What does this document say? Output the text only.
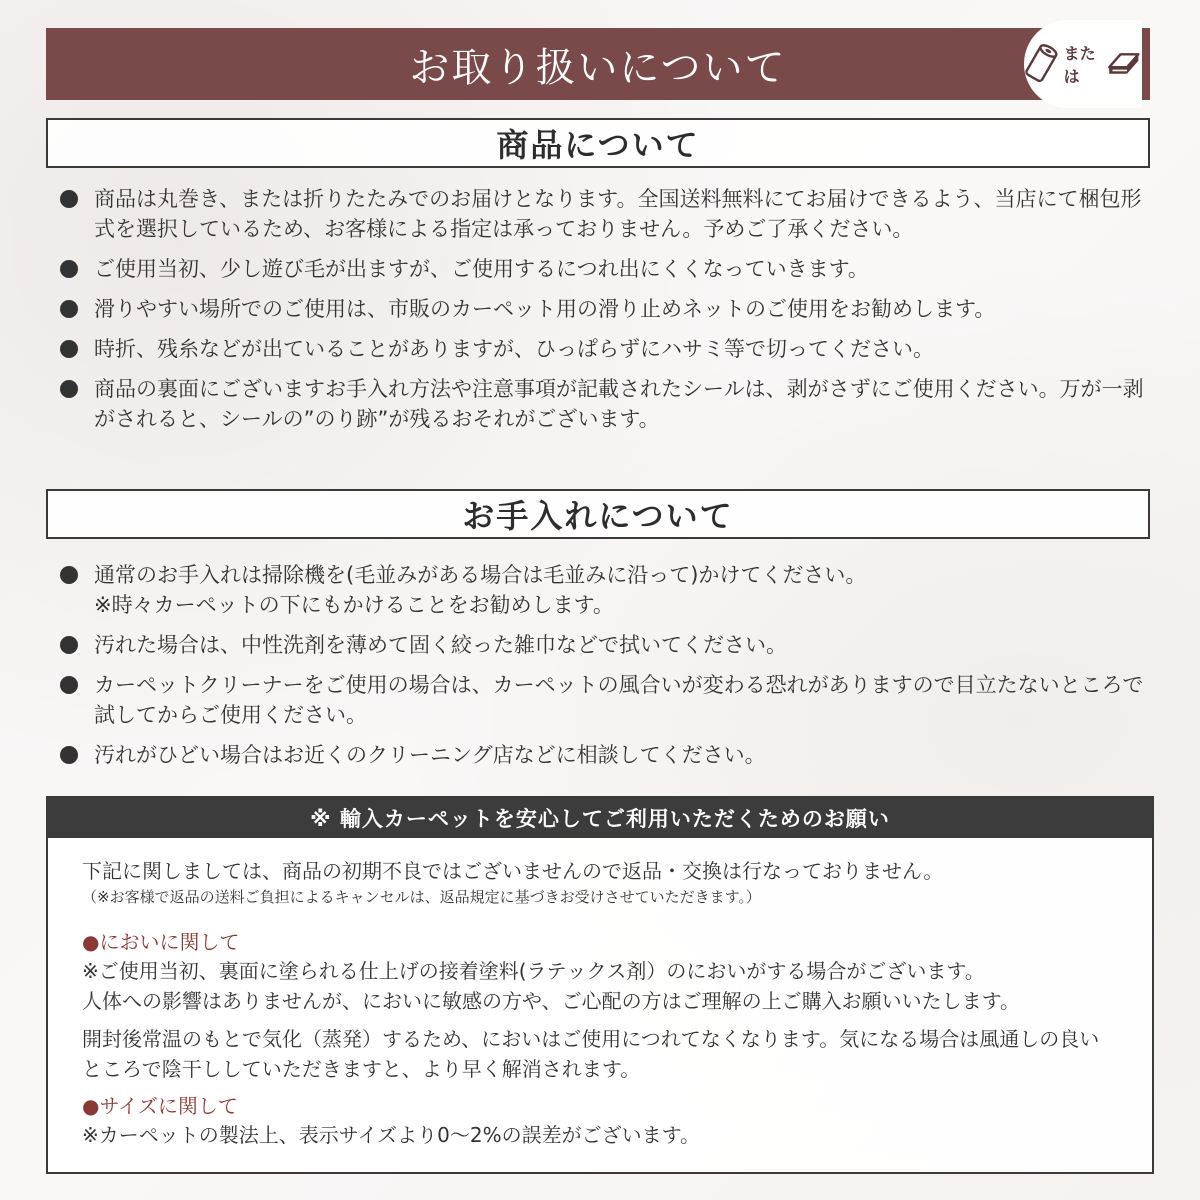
お取り扱いについて	または
商品について
商品は丸巻き、または折りたたみでのお届けとなります。全国送料無料にてお届けできるよう、当店にて梱包形式を選択しているため、お客様による指定は承っておりません。予めご了承ください。
ご使用当初、少し遊び毛が出ますが、ご使用するにつれ出にくくなっていきます。
滑りやすい場所でのご使用は、市販のカーペット用の滑り止めネットのご使用をお勧めします。
時折、残糸などが出ていることがありますが、ひっぱらずにハサミ等で切ってください。
商品の裏面にございますお手入れ方法や注意事項が記載されたシールは、剥がさずにご使用ください。万が一剥がされると、シールの”のり跡”が残るおそれがございます。
お手入れについて
通常のお手入れは掃除機を(毛並みがある場合は毛並みに沿って)かけてください。
※時々カーペットの下にもかけることをお勧めします。
汚れた場合は、中性洗剤を薄めて固く絞った雑巾などで拭いてください。
カーペットクリーナーをご使用の場合は、カーペットの風合いが変わる恐れがありますので目立たないところで試してからご使用ください。
汚れがひどい場合はお近くのクリーニング店などに相談してください。
※ 輸入カーペットを安心してご利用いただくためのお願い

下記に関しましては、商品の初期不良ではございませんので返品・交換は行なっておりません。

（※お客様で返品の送料ご負担によるキャンセルは、返品規定に基づきお受けさせていただきます。）

●においに関して

※ご使用当初、裏面に塗られる仕上げの接着塗料(ラテックス剤）のにおいがする場合がございます。

人体への影響はありませんが、においに敏感の方や、ご心配の方はご理解の上ご購入お願いいたします。

開封後常温のもとで気化（蒸発）するため、においはご使用につれてなくなります。気になる場合は風通しの良いところで陰干ししていただきますと、より早く解消されます。

●サイズに関して

※カーペットの製法上、表示サイズより0〜2%の誤差がございます。
